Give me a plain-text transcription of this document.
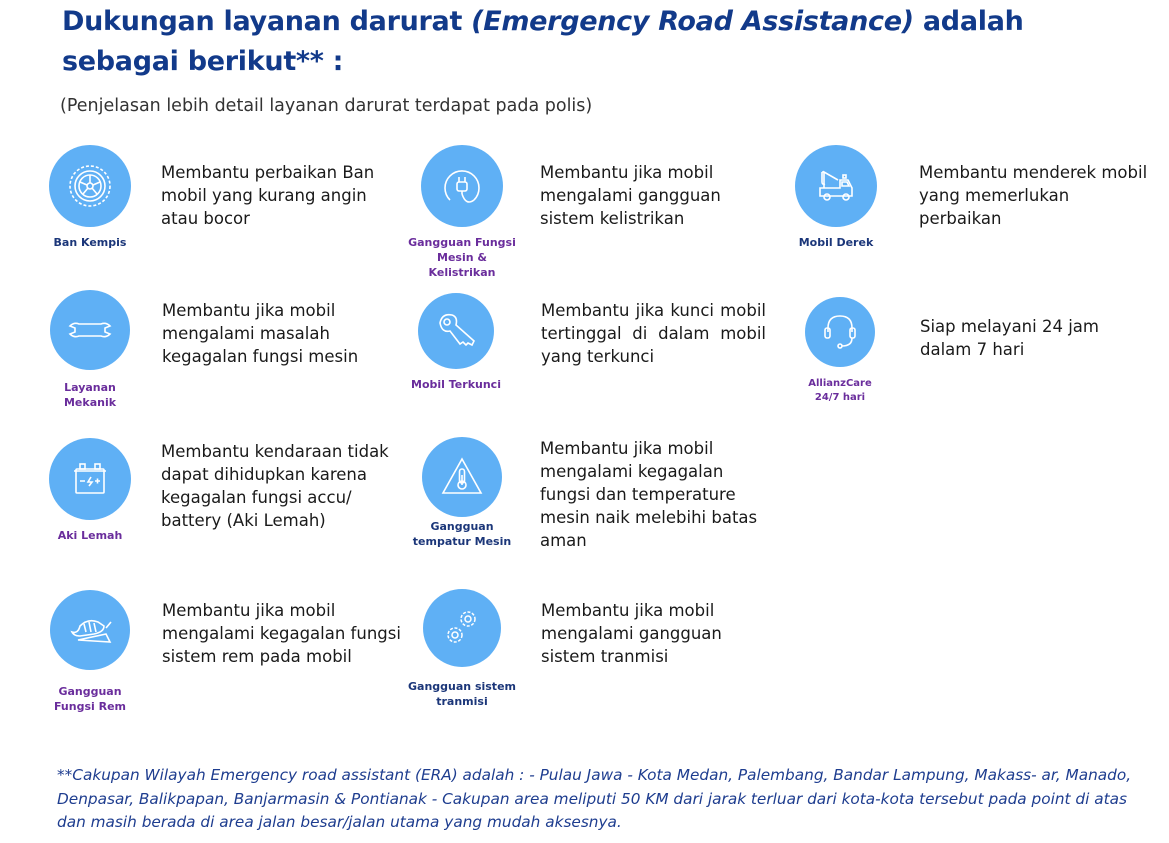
Dukungan layanan darurat (Emergency Road Assistance) adalah sebagai berikut** :
(Penjelasan lebih detail layanan darurat terdapat pada polis)
Ban Kempis
Membantu perbaikan Ban mobil yang kurang angin atau bocor
Gangguan Fungsi Mesin & Kelistrikan
Membantu jika mobil mengalami gangguan sistem kelistrikan
Mobil Derek
Membantu menderek mobil yang memerlukan perbaikan
Layanan Mekanik
Membantu jika mobil mengalami masalah kegagalan fungsi mesin
Mobil Terkunci
Membantu jika kunci mobil tertinggal di dalam mobil yang terkunci
AllianzCare 24/7 hari
Siap melayani 24 jam dalam 7 hari
Aki Lemah
Membantu kendaraan tidak dapat dihidupkan karena kegagalan fungsi accu/ battery (Aki Lemah)	Gangguan tempatur Mesin
Membantu jika mobil mengalami kegagalan fungsi dan temperature mesin naik melebihi batas aman
Gangguan Fungsi Rem
Membantu jika mobil mengalami kegagalan fungsi sistem rem pada mobil
Gangguan sistem tranmisi
Membantu jika mobil mengalami gangguan sistem tranmisi
**Cakupan Wilayah Emergency road assistant (ERA) adalah : - Pulau Jawa - Kota Medan, Palembang, Bandar Lampung, Makass- ar, Manado, Denpasar, Balikpapan, Banjarmasin & Pontianak - Cakupan area meliputi 50 KM dari jarak terluar dari kota-kota tersebut pada point di atas dan masih berada di area jalan besar/jalan utama yang mudah aksesnya.
